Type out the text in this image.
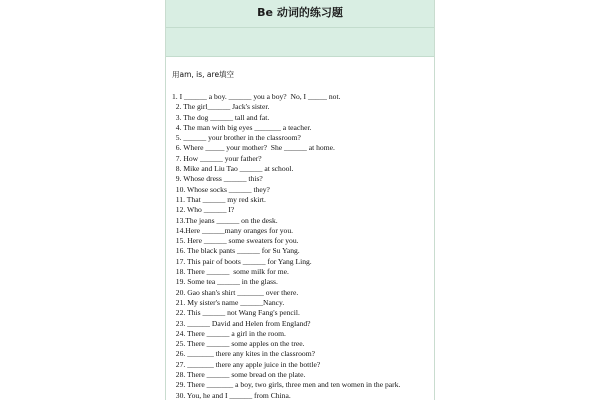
Be 动词的练习题
用am, is, are填空
1. I ______ a boy. ______ you a boy?  No, I _____ not.
2. The girl______ Jack's sister.
3. The dog ______ tall and fat.
4. The man with big eyes _______ a teacher.
5. ______ your brother in the classroom?
6. Where _____ your mother?  She ______ at home.
7. How ______ your father?
8. Mike and Liu Tao ______ at school.
9. Whose dress ______ this?
10. Whose socks ______ they?
11. That ______ my red skirt.
12. Who ______ I?
13.The jeans ______ on the desk.
14.Here ______many oranges for you.
15. Here ______ some sweaters for you.
16. The black pants ______ for Su Yang.
17. This pair of boots ______ for Yang Ling.
18. There ______  some milk for me.
19. Some tea ______ in the glass.
20. Gao shan's shirt _______ over there.
21. My sister's name ______Nancy.
22. This ______ not Wang Fang's pencil.
23. ______ David and Helen from England?
24. There ______ a girl in the room.
25. There ______ some apples on the tree.
26. _______ there any kites in the classroom?
27. _______ there any apple juice in the bottle?
28. There ______ some bread on the plate.
29. There _______ a boy, two girls, three men and ten women in the park.
30. You, he and I ______ from China.
